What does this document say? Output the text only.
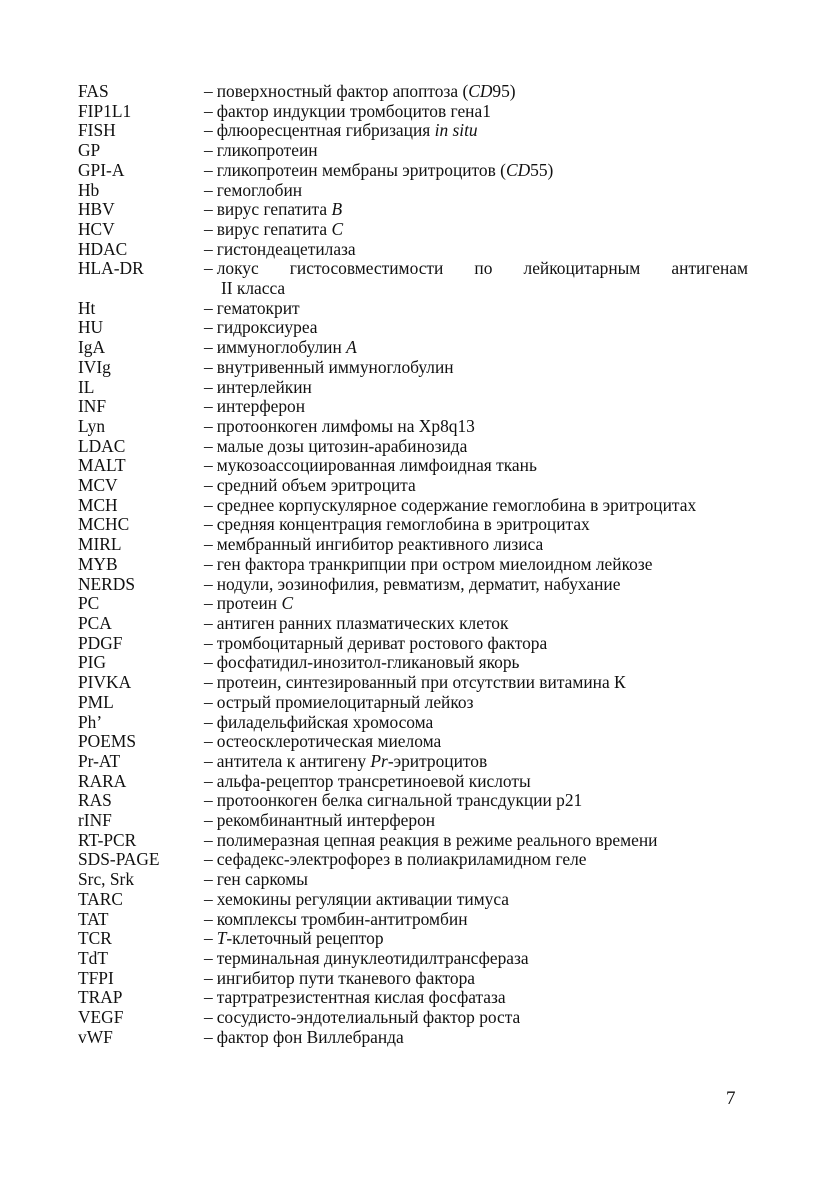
FAS	– поверхностный фактор апоптоза (CD95)
FIP1L1	– фактор индукции тромбоцитов гена1
FISH	– флюоресцентная гибризация in situ
GP	– гликопротеин
GPI-A	– гликопротеин мембраны эритроцитов (CD55)
Hb	– гемоглобин
HBV	– вирус гепатита B
HCV	– вирус гепатита C
HDAC	– гистондеацетилаза
HLA-DR	– локус гистосовместимости по лейкоцитарным антигенам
II класса
Ht	– гематокрит
HU	– гидроксиуреа
IgA	– иммуноглобулин A
IVIg	– внутривенный иммуноглобулин
IL	– интерлейкин
INF	– интерферон
Lyn	– протоонкоген лимфомы на Xp8q13
LDAC	– малые дозы цитозин-арабинозида
MALT	– мукозоассоциированная лимфоидная ткань
MCV	– средний объем эритроцита
MCH	– среднее корпускулярное содержание гемоглобина в эритроцитах
MCHC	– средняя концентрация гемоглобина в эритроцитах
MIRL	– мембранный ингибитор реактивного лизиса
MYB	– ген фактора транкрипции при остром миелоидном лейкозе
NERDS	– нодули, эозинофилия, ревматизм, дерматит, набухание
PC	– протеин C
PCA	– антиген ранних плазматических клеток
PDGF	– тромбоцитарный дериват ростового фактора
PIG	– фосфатидил-инозитол-гликановый якорь
PIVKA	– протеин, синтезированный при отсутствии витамина К
PML	– острый промиелоцитарный лейкоз
Ph’	– филадельфийская хромосома
POEMS	– остеосклеротическая миелома
Pr-AT	– антитела к антигену Pr-эритроцитов
RARA	– альфа-рецептор трансретиноевой кислоты
RAS	– протоонкоген белка сигнальной трансдукции p21
rINF	– рекомбинантный интерферон
RT-PCR	– полимеразная цепная реакция в режиме реального времени
SDS-PAGE	– сефадекс-электрофорез в полиакриламидном геле
Src, Srk	– ген саркомы
TARC	– хемокины регуляции активации тимуса
TAT	– комплексы тромбин-антитромбин
TCR	– T-клеточный рецептор
TdT	– терминальная динуклеотидилтрансфераза
TFPI	– ингибитор пути тканевого фактора
TRAP	– тартратрезистентная кислая фосфатаза
VEGF	– сосудисто-эндотелиальный фактор роста
vWF	– фактор фон Виллебранда
7
